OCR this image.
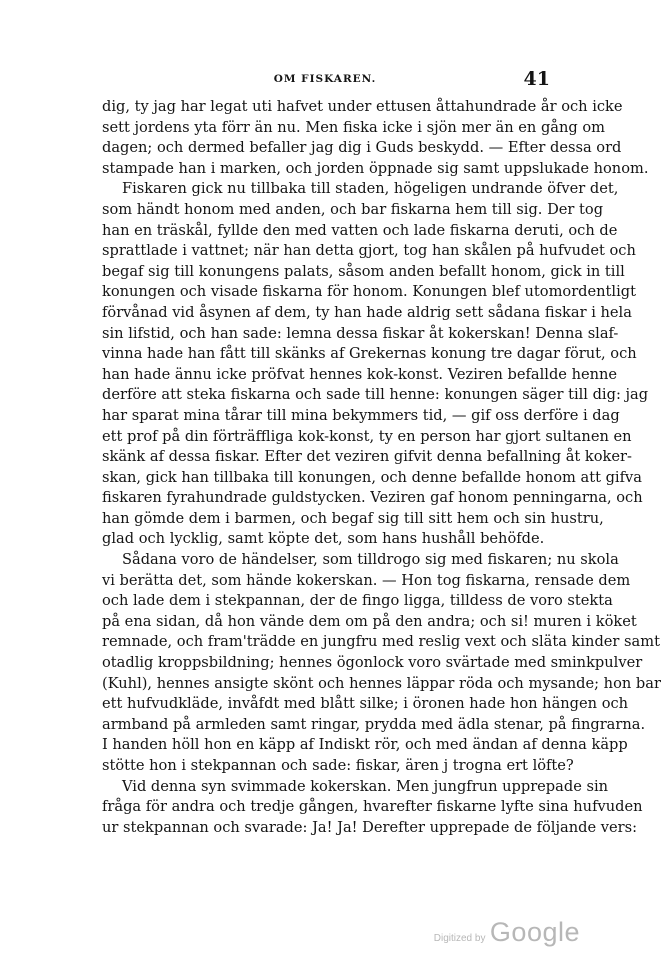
OM FISKAREN.	41
dig, ty jag har legat uti hafvet under ettusen åttahundrade år och icke
sett jordens yta förr än nu. Men fiska icke i sjön mer än en gång om
dagen; och dermed befaller jag dig i Guds beskydd. — Efter dessa ord
stampade han i marken, och jorden öppnade sig samt uppslukade honom.
Fiskaren gick nu tillbaka till staden, högeligen undrande öfver det,
som händt honom med anden, och bar fiskarna hem till sig. Der tog
han en träskål, fyllde den med vatten och lade fiskarna deruti, och de
sprattlade i vattnet; när han detta gjort, tog han skålen på hufvudet och
begaf sig till konungens palats, såsom anden befallt honom, gick in till
konungen och visade fiskarna för honom. Konungen blef utomordentligt
förvånad vid åsynen af dem, ty han hade aldrig sett sådana fiskar i hela
sin lifstid, och han sade: lemna dessa fiskar åt kokerskan! Denna slaf-
vinna hade han fått till skänks af Grekernas konung tre dagar förut, och
han hade ännu icke pröfvat hennes kok-konst. Veziren befallde henne
derföre att steka fiskarna och sade till henne: konungen säger till dig: jag
har sparat mina tårar till mina bekymmers tid, — gif oss derföre i dag
ett prof på din förträffliga kok-konst, ty en person har gjort sultanen en
skänk af dessa fiskar. Efter det veziren gifvit denna befallning åt koker-
skan, gick han tillbaka till konungen, och denne befallde honom att gifva
fiskaren fyrahundrade guldstycken. Veziren gaf honom penningarna, och
han gömde dem i barmen, och begaf sig till sitt hem och sin hustru,
glad och lycklig, samt köpte det, som hans hushåll behöfde.
Sådana voro de händelser, som tilldrogo sig med fiskaren; nu skola
vi berätta det, som hände kokerskan. — Hon tog fiskarna, rensade dem
och lade dem i stekpannan, der de fingo ligga, tilldess de voro stekta
på ena sidan, då hon vände dem om på den andra; och si! muren i köket
remnade, och fram'trädde en jungfru med reslig vext och släta kinder samt
otadlig kroppsbildning; hennes ögonlock voro svärtade med sminkpulver
(Kuhl), hennes ansigte skönt och hennes läppar röda och mysande; hon bar
ett hufvudkläde, invåfdt med blått silke; i öronen hade hon hängen och
armband på armleden samt ringar, prydda med ädla stenar, på fingrarna.
I handen höll hon en käpp af Indiskt rör, och med ändan af denna käpp
stötte hon i stekpannan och sade: fiskar, ären j trogna ert löfte?
Vid denna syn svimmade kokerskan. Men jungfrun upprepade sin
fråga för andra och tredje gången, hvarefter fiskarne lyfte sina hufvuden
ur stekpannan och svarade: Ja! Ja! Derefter upprepade de följande vers:
Digitized by Google
